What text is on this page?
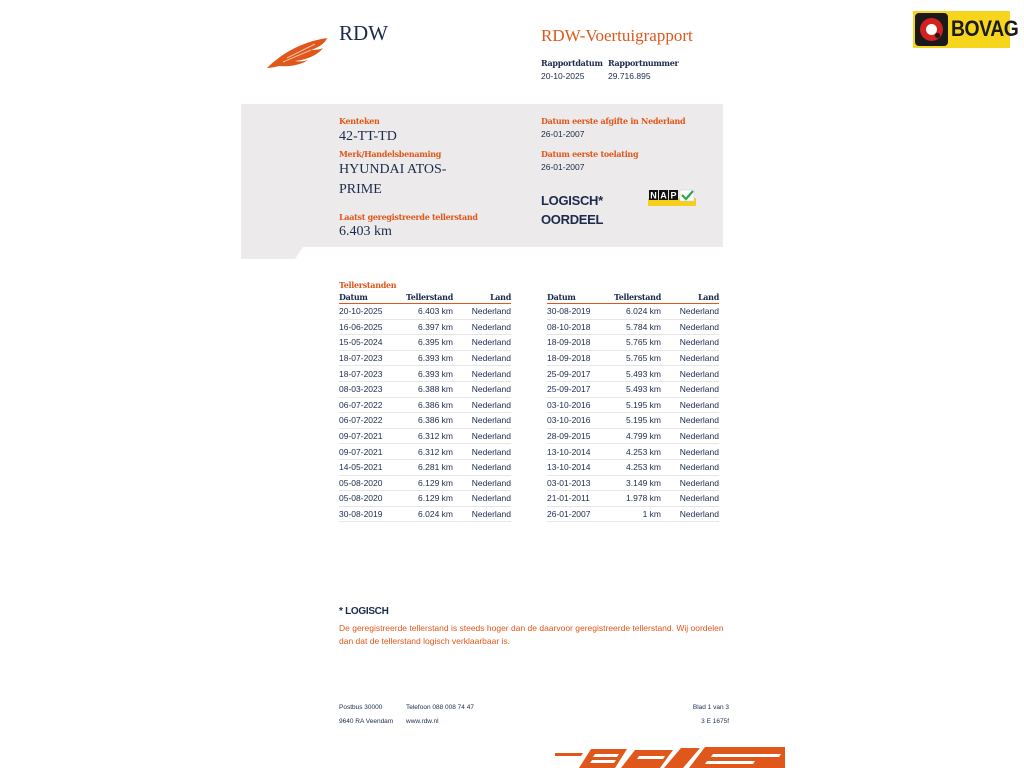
RDW	RDW-Voertuigrapport
Rapportdatum
20-10-2025
Rapportnummer
29.716.895
BOVAG
Kenteken
42-TT-TD
Merk/Handelsbenaming
HYUNDAI ATOS-
PRIME
Laatst geregistreerde tellerstand
6.403 km
Datum eerste afgifte in Nederland
26-01-2007
Datum eerste toelating
26-01-2007
LOGISCH*
OORDEEL
N A P
Tellerstanden
Datum	Tellerstand	Land
20-10-2025	6.403 km	Nederland
16-06-2025	6.397 km	Nederland
15-05-2024	6.395 km	Nederland
18-07-2023	6.393 km	Nederland
18-07-2023	6.393 km	Nederland
08-03-2023	6.388 km	Nederland
06-07-2022	6.386 km	Nederland
06-07-2022	6.386 km	Nederland
09-07-2021	6.312 km	Nederland
09-07-2021	6.312 km	Nederland
14-05-2021	6.281 km	Nederland
05-08-2020	6.129 km	Nederland
05-08-2020	6.129 km	Nederland
30-08-2019	6.024 km	Nederland
Datum	Tellerstand	Land
30-08-2019	6.024 km	Nederland
08-10-2018	5.784 km	Nederland
18-09-2018	5.765 km	Nederland
18-09-2018	5.765 km	Nederland
25-09-2017	5.493 km	Nederland
25-09-2017	5.493 km	Nederland
03-10-2016	5.195 km	Nederland
03-10-2016	5.195 km	Nederland
28-09-2015	4.799 km	Nederland
13-10-2014	4.253 km	Nederland
13-10-2014	4.253 km	Nederland
03-01-2013	3.149 km	Nederland
21-01-2011	1.978 km	Nederland
26-01-2007	1 km	Nederland
* LOGISCH
De geregistreerde tellerstand is steeds hoger dan de daarvoor geregistreerde tellerstand. Wij oordelen dan dat de tellerstand logisch verklaarbaar is.
Postbus 30000	Telefoon 088 008 74 47	Blad 1 van 3
9640 RA Veendam www.rdw.nl	3 E 1675f
